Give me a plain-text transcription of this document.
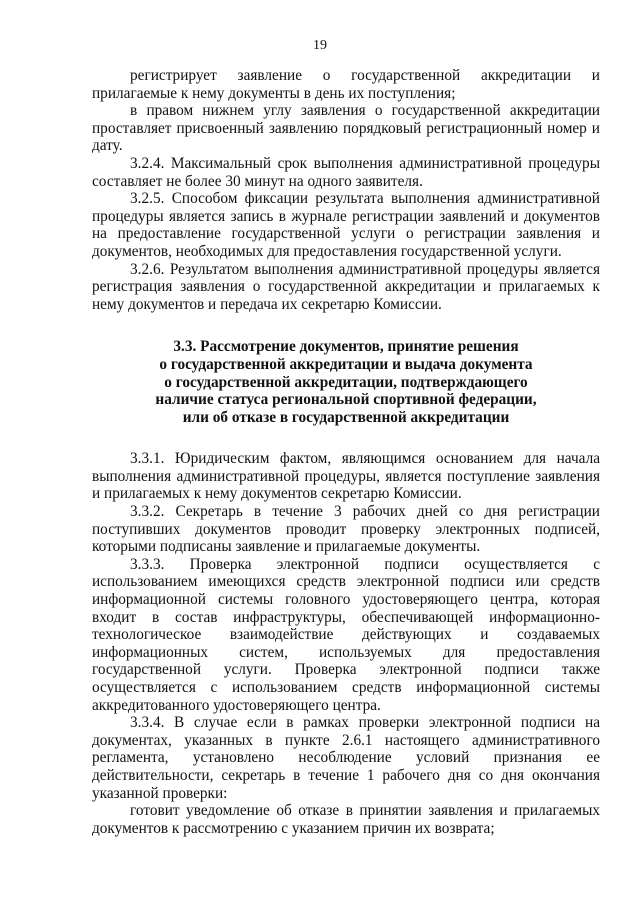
19

регистрирует заявление о государственной аккредитации и прилагаемые к нему документы в день их поступления;

в правом нижнем углу заявления о государственной аккредитации проставляет присвоенный заявлению порядковый регистрационный номер и дату.

3.2.4. Максимальный срок выполнения административной процедуры составляет не более 30 минут на одного заявителя.

3.2.5. Способом фиксации результата выполнения административной процедуры является запись в журнале регистрации заявлений и документов на предоставление государственной услуги о регистрации заявления и документов, необходимых для предоставления государственной услуги.

3.2.6. Результатом выполнения административной процедуры является регистрация заявления о государственной аккредитации и прилагаемых к нему документов и передача их секретарю Комиссии.

3.3. Рассмотрение документов, принятие решения
о государственной аккредитации и выдача документа
о государственной аккредитации, подтверждающего
наличие статуса региональной спортивной федерации,
или об отказе в государственной аккредитации

3.3.1. Юридическим фактом, являющимся основанием для начала выполнения административной процедуры, является поступление заявления и прилагаемых к нему документов секретарю Комиссии.

3.3.2. Секретарь в течение 3 рабочих дней со дня регистрации поступивших документов проводит проверку электронных подписей, которыми подписаны заявление и прилагаемые документы.

3.3.3. Проверка электронной подписи осуществляется с использованием имеющихся средств электронной подписи или средств информационной системы головного удостоверяющего центра, которая входит в состав инфраструктуры, обеспечивающей информационно-технологическое взаимодействие действующих и создаваемых информационных систем, используемых для предоставления государственной услуги. Проверка электронной подписи также осуществляется с использованием средств информационной системы аккредитованного удостоверяющего центра.

3.3.4. В случае если в рамках проверки электронной подписи на документах, указанных в пункте 2.6.1 настоящего административного регламента, установлено несоблюдение условий признания ее действительности, секретарь в течение 1 рабочего дня со дня окончания указанной проверки:

готовит уведомление об отказе в принятии заявления и прилагаемых документов к рассмотрению с указанием причин их возврата;
